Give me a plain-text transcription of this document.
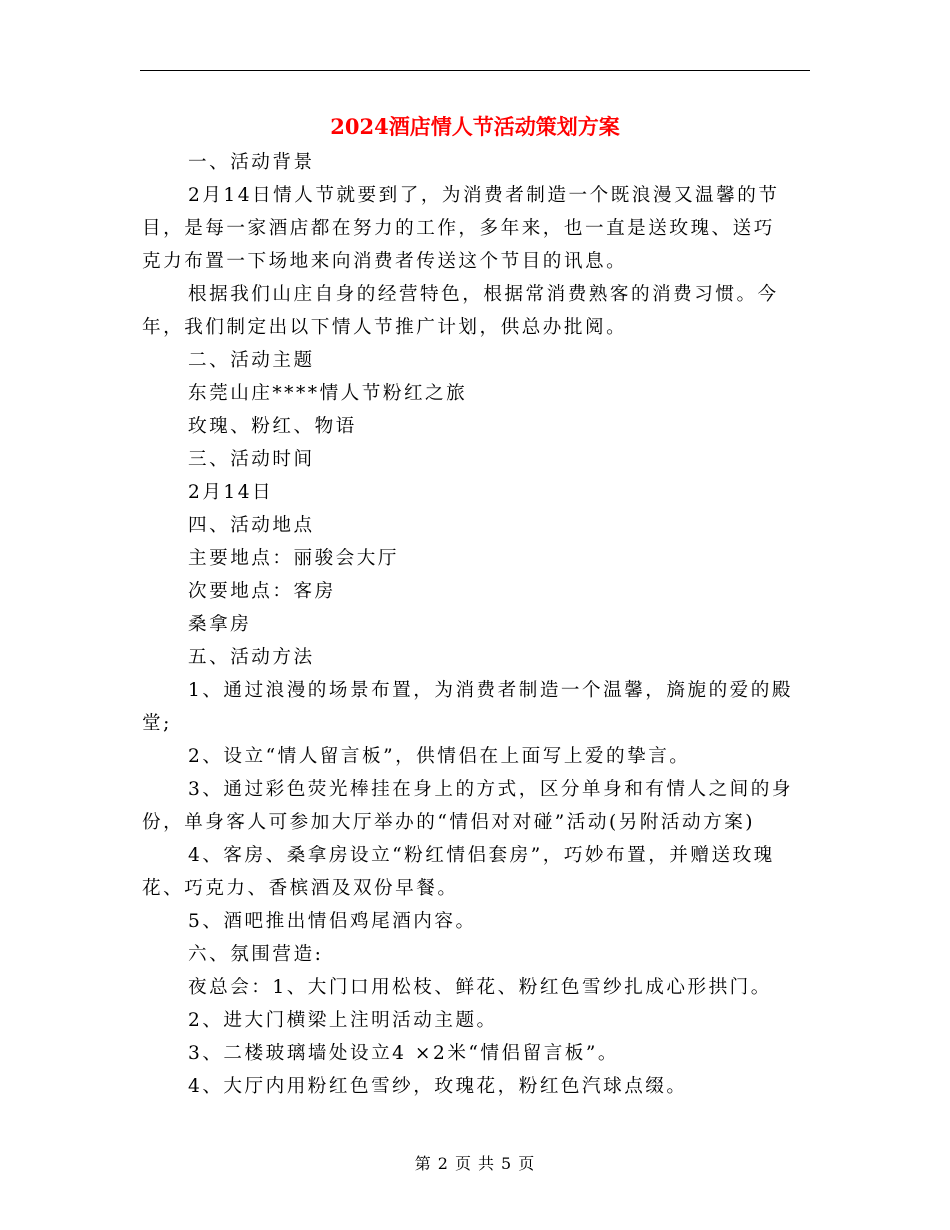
2024酒店情人节活动策划方案
一、活动背景
2月14日情人节就要到了，为消费者制造一个既浪漫又温馨的节
目，是每一家酒店都在努力的工作，多年来，也一直是送玫瑰、送巧
克力布置一下场地来向消费者传送这个节目的讯息。
根据我们山庄自身的经营特色，根据常消费熟客的消费习惯。今
年，我们制定出以下情人节推广计划，供总办批阅。
二、活动主题
东莞山庄****情人节粉红之旅
玫瑰、粉红、物语
三、活动时间
2月14日
四、活动地点
主要地点：丽骏会大厅
次要地点：客房
桑拿房
五、活动方法
1、通过浪漫的场景布置，为消费者制造一个温馨，旖旎的爱的殿
堂;
2、设立“情人留言板”，供情侣在上面写上爱的挚言。
3、通过彩色荧光棒挂在身上的方式，区分单身和有情人之间的身
份，单身客人可参加大厅举办的“情侣对对碰”活动(另附活动方案)
4、客房、桑拿房设立“粉红情侣套房”，巧妙布置，并赠送玫瑰
花、巧克力、香槟酒及双份早餐。
5、酒吧推出情侣鸡尾酒内容。
六、氛围营造:
夜总会：1、大门口用松枝、鲜花、粉红色雪纱扎成心形拱门。
2、进大门横梁上注明活动主题。
3、二楼玻璃墙处设立4 ×2米“情侣留言板”。
4、大厅内用粉红色雪纱，玫瑰花，粉红色汽球点缀。
第 2 页 共 5 页
